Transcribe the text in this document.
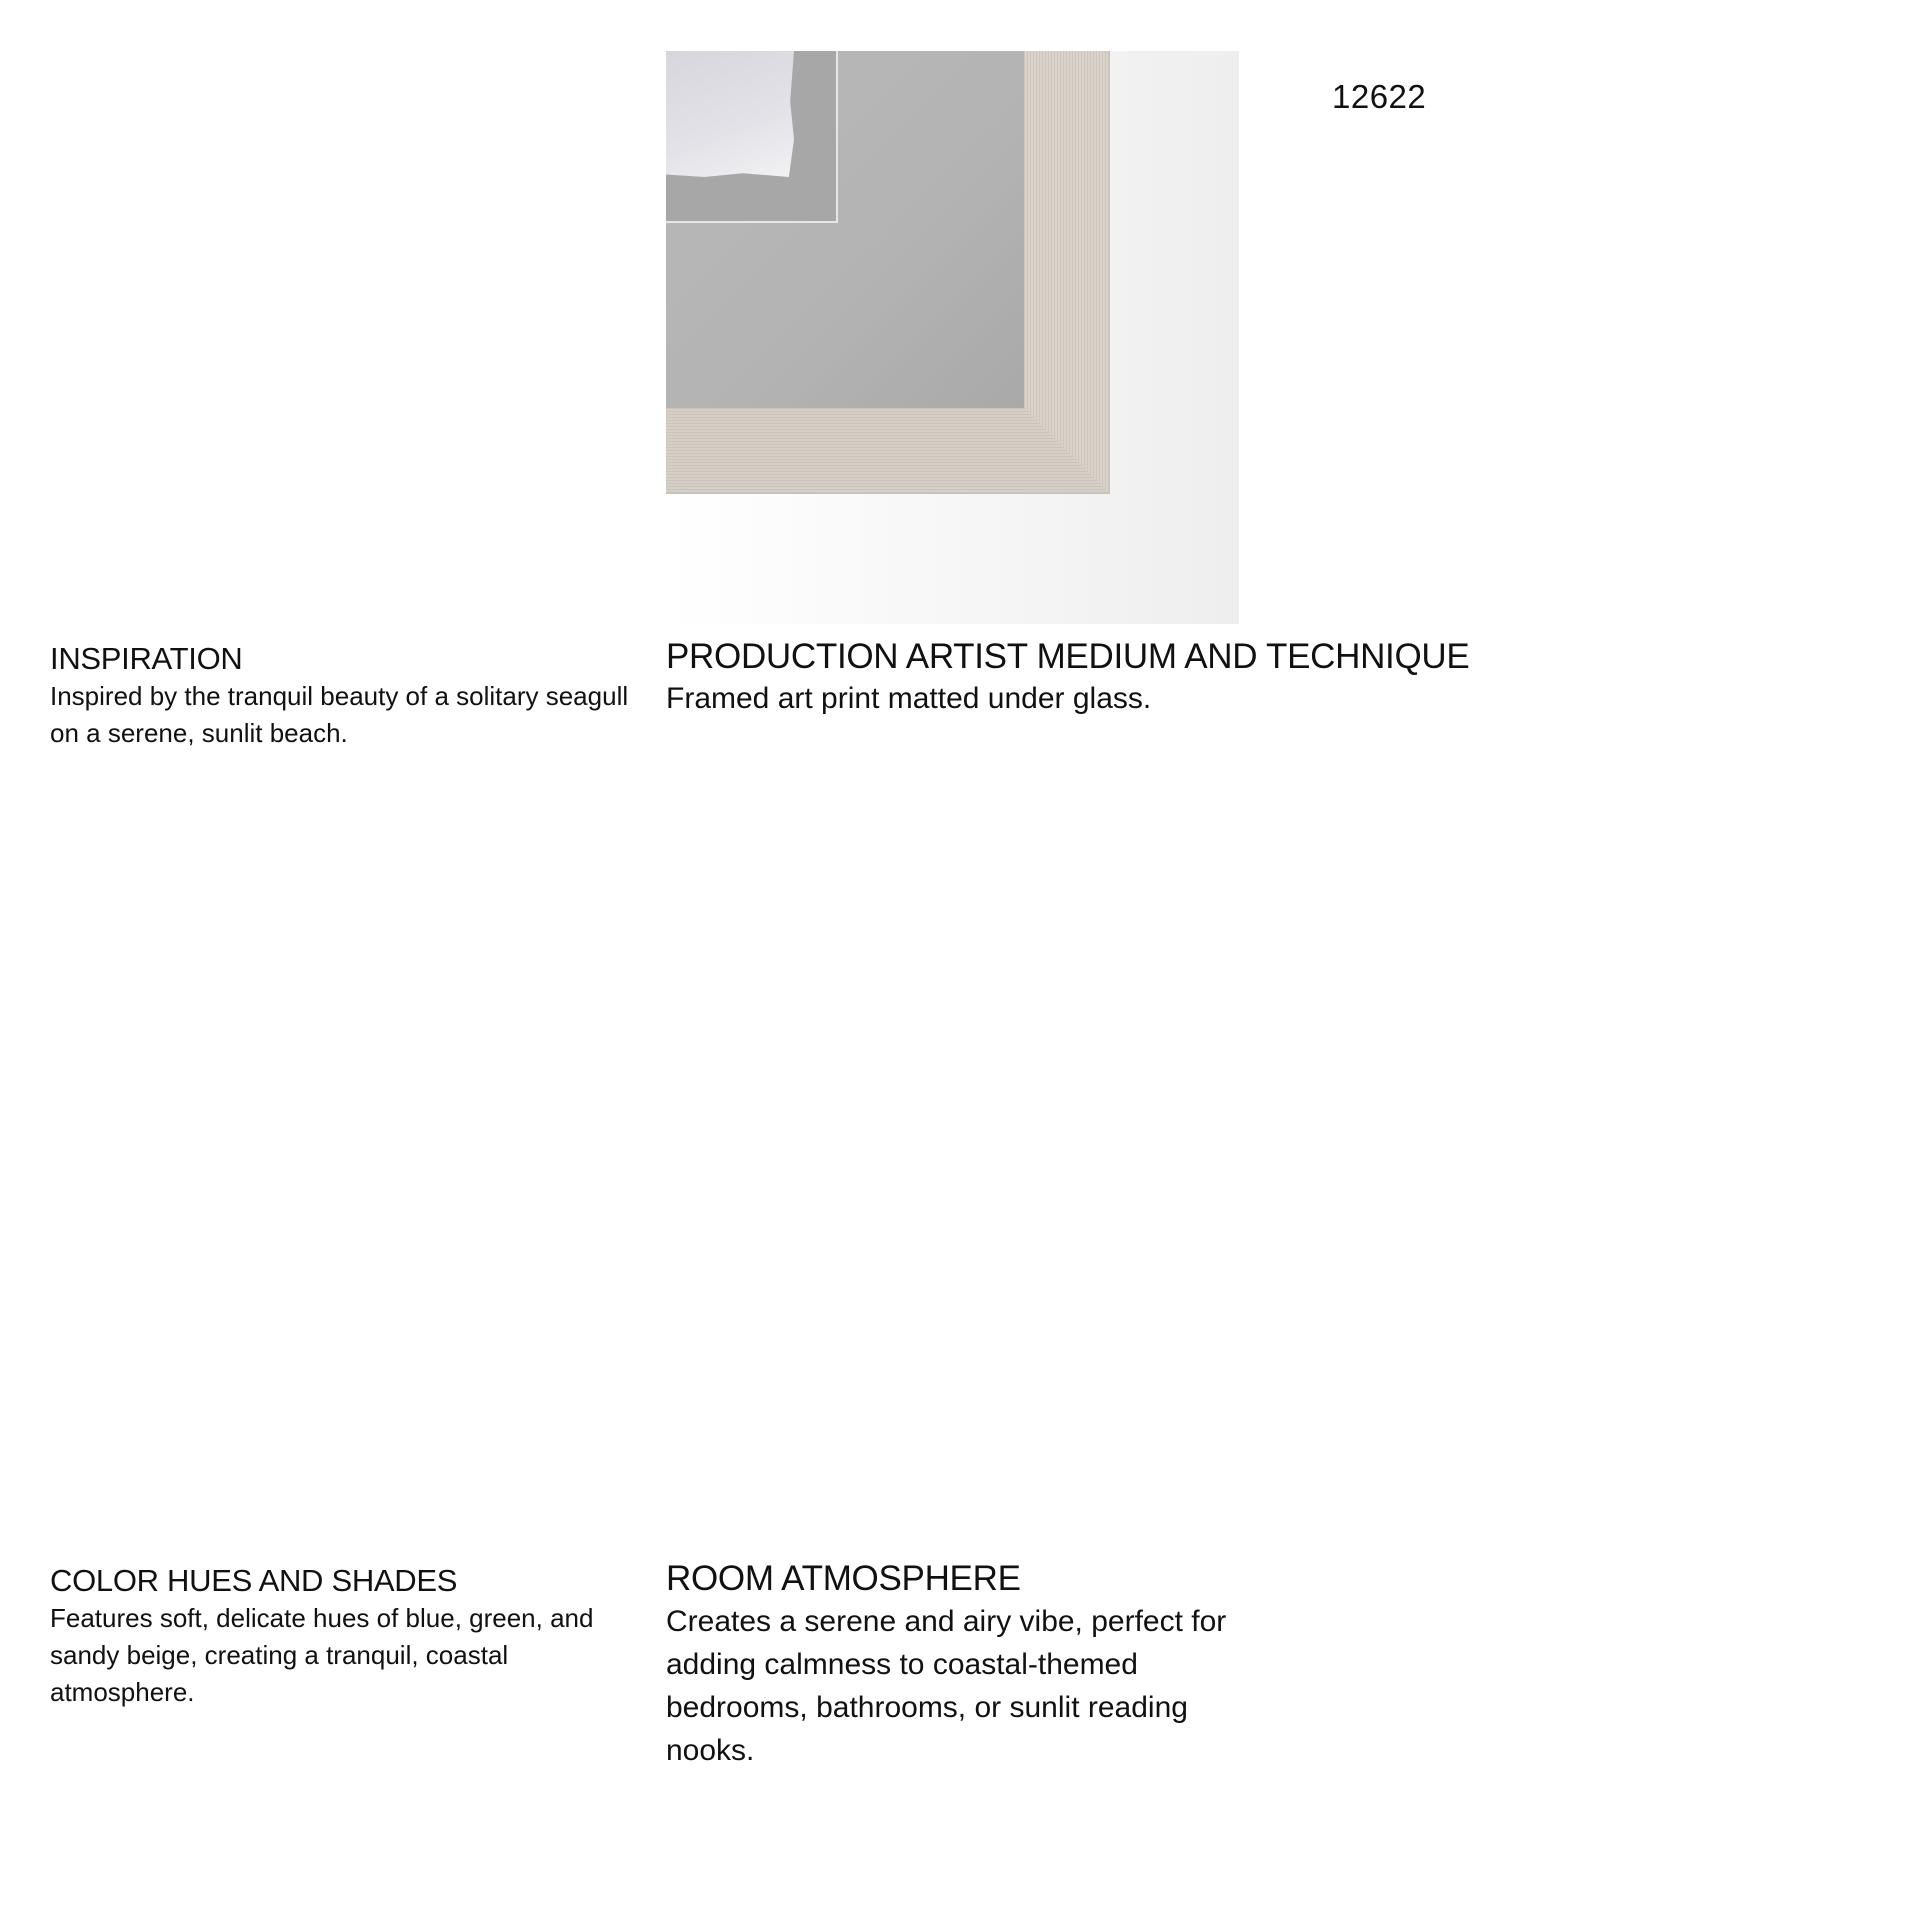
12622
INSPIRATION

Inspired by the tranquil beauty of a solitary seagull on a serene, sunlit beach.

PRODUCTION ARTIST MEDIUM AND TECHNIQUE

Framed art print matted under glass.

COLOR HUES AND SHADES

Features soft, delicate hues of blue, green, and sandy beige, creating a tranquil, coastal atmosphere.

ROOM ATMOSPHERE

Creates a serene and airy vibe, perfect for adding calmness to coastal-themed bedrooms, bathrooms, or sunlit reading nooks.
